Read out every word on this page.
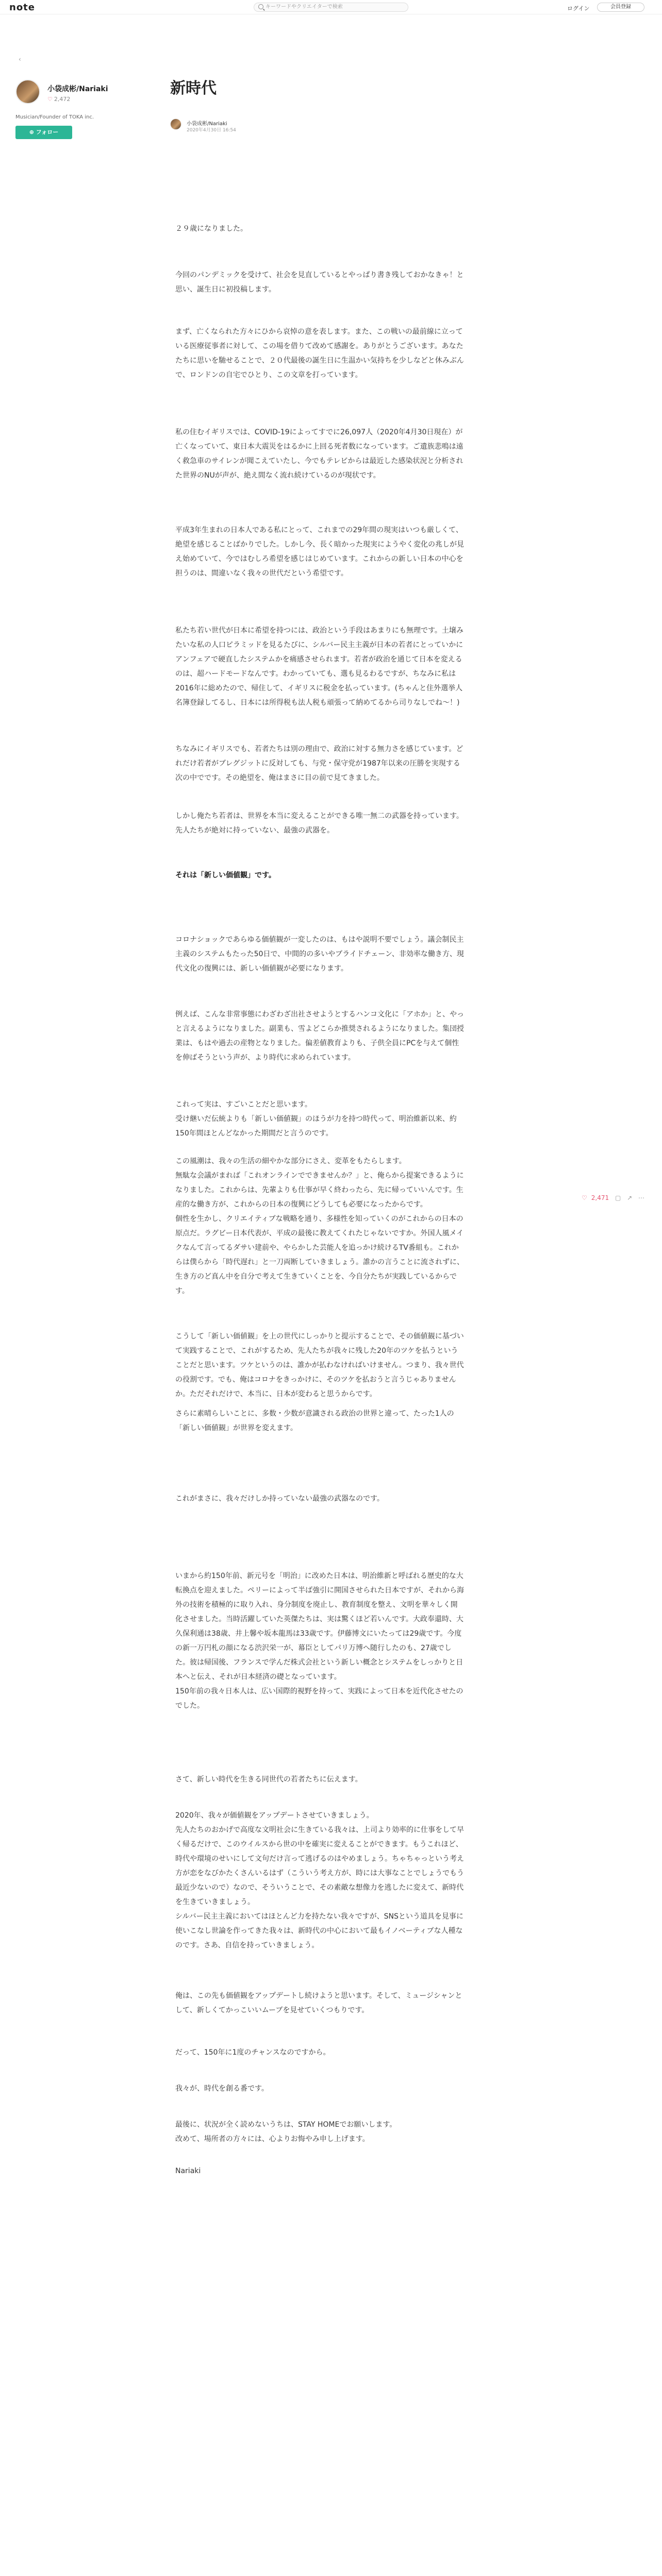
note	キーワードやクリエイターで検索	ログイン	会員登録
‹
小袋成彬/Nariaki
♡ 2,472
Musician/Founder of TOKA inc.
⊕ フォロー
新時代
小袋成彬/Nariaki
2020年4月30日 16:54
２９歳になりました。
今回のパンデミックを受けて、社会を見直しているとやっぱり書き残しておかなきゃ！と思い、誕生日に初投稿します。
まず、亡くなられた方々にひから哀悼の意を表します。また、この戦いの最前線に立っている医療従事者に対して、この場を借りて改めて感謝を。ありがとうございます。あなたたちに思いを馳せることで、２０代最後の誕生日に生温かい気持ちを少しなどと休みぶんで、ロンドンの自宅でひとり、この文章を打っています。
私の住むイギリスでは、COVID-19によってすでに26,097人（2020年4月30日現在）が亡くなっていて、東日本大震災をはるかに上回る死者数になっています。ご遺族悲鳴は遠く救急車のサイレンが聞こえていたし、今でもテレビからは最近した感染状況と分析された世界のNUが声が、絶え間なく流れ続けているのが現状です。
平成3年生まれの日本人である私にとって、これまでの29年間の現実はいつも厳しくて、絶望を感じることばかりでした。しかし今、長く暗かった現実にようやく変化の兆しが見え始めていて、今ではむしろ希望を感じはじめています。これからの新しい日本の中心を担うのは、間違いなく我々の世代だという希望です。
私たち若い世代が日本に希望を持つには、政治という手段はあまりにも無理です。土壌みたいな私の人口ピラミッドを見るたびに、シルバー民主主義が日本の若者にとっていかにアンフェアで硬直したシステムかを痛感させられます。若者が政治を通じて日本を変えるのは、超ハードモードなんです。わかっていても、選も見るわるですが、ちなみに私は2016年に総めたので、帰住して、イギリスに税金を払っています。(ちゃんと住外選挙人名簿登録してるし、日本には所得税も法人税も頑張って納めてるから司りなしでね～！)
ちなみにイギリスでも、若者たちは別の理由で、政治に対する無力さを感じています。どれだけ若者がブレグジットに反対しても、与党・保守党が1987年以来の圧勝を実現する次の中でです。その絶望を、俺はまさに目の前で見てきました。
しかし俺たち若者は、世界を本当に変えることができる唯一無二の武器を持っています。先人たちが絶対に持っていない、最強の武器を。
それは「新しい価値観」です。
コロナショックであらゆる価値観が一変したのは、もはや説明不要でしょう。議会制民主主義のシステムもたった50日で、中間的の多いやブライドチェーン、非効率な働き方、現代文化の復興には、新しい価値観が必要になります。
例えば、こんな非常事態にわざわざ出社させようとするハンコ文化に「アホか」と、やっと言えるようになりました。副業も、雪よどこらか推奨されるようになりました。集団授業は、もはや過去の産物となりました。偏差値教育よりも、子供全員にPCを与えて個性を伸ばそうという声が、より時代に求められています。
これって実は、すごいことだと思います。
受け継いだ伝統よりも「新しい価値観」のほうが力を持つ時代って、明治維新以来、約150年間ほとんどなかった期間だと言うのです。
この風潮は、我々の生活の細やかな部分にさえ、変革をもたらします。
無駄な会議がまれば「これオンラインでできませんか？」と、俺らから提案できるようになりました。これからは、先輩よりも仕事が早く終わったら、先に帰っていいんです。生産的な働き方が、これからの日本の復興にどうしても必要になったからです。
個性を生かし、クリエイティブな戦略を通り、多様性を知っていくのがこれからの日本の原点だ。ラグビー日本代表が、平成の最後に教えてくれたじゃないですか。外国人風メイクなんて言ってるダサい建前や、やらかした芸能人を追っかけ続けるTV番組も。これからは僕らから「時代遅れ」と一刀両断していきましょう。誰かの言うことに流されずに、生き方のど真ん中を自分で考えて生きていくことを、今自分たちが実践しているからです。
こうして「新しい価値観」を上の世代にしっかりと提示することで、その価値観に基づいて実践することで、これがするため、先人たちが我々に残した20年のツケを払うということだと思います。ツケというのは、誰かが払わなければいけません。つまり、我々世代の役割です。でも、俺はコロナをきっかけに、そのツケを払おうと言うじゃありませんか。ただそれだけで、本当に、日本が変わると思うからです。
さらに素晴らしいことに、多数・少数が意識される政治の世界と違って、たった1人の「新しい価値観」が世界を変えます。
これがまさに、我々だけしか持っていない最強の武器なのです。
いまから約150年前、新元号を「明治」に改めた日本は、明治維新と呼ばれる歴史的な大転換点を迎えました。ペリーによって半ば強引に開国させられた日本ですが、それから海外の技術を積極的に取り入れ、身分制度を廃止し、教育制度を整え、文明を華々しく開化させました。当時活躍していた英傑たちは、実は驚くほど若いんです。大政奉還時、大久保利通は38歳、井上馨や坂本龍馬は33歳です。伊藤博文にいたっては29歳です。今度の新一万円札の顔になる渋沢栄一が、幕臣としてパリ万博へ随行したのも、27歳でした。彼は帰国後、フランスで学んだ株式会社という新しい概念とシステムをしっかりと日本へと伝え、それが日本経済の礎となっています。
150年前の我々日本人は、広い国際的視野を持って、実践によって日本を近代化させたのでした。
さて、新しい時代を生きる同世代の若者たちに伝えます。
2020年、我々が価値観をアップデートさせていきましょう。
先人たちのおかげで高度な文明社会に生きている我々は、上司より効率的に仕事をして早く帰るだけで、このウイルスから世の中を確実に変えることができます。もうこれほど、時代や環境のせいにして文句だけ言って逃げるのはやめましょう。ちゃちゃっという考え方が恋をなびかたくさんいるはず（こういう考え方が、時には大事なことでしょうでもう最近少ないので）なので、そういうことで、その素敵な想像力を逃したに変えて、新時代を生きていきましょう。
シルバー民主主義においてはほとんど力を持たない我々ですが、SNSという道具を見事に使いこなし世論を作ってきた我々は、新時代の中心において最もイノベーティブな人種なのです。さあ、自信を持っていきましょう。
俺は、この先も価値観をアップデートし続けようと思います。そして、ミュージシャンとして、新しくてかっこいいムーブを見せていくつもりです。
だって、150年に1度のチャンスなのですから。
我々が、時代を創る番です。
最後に、状況が全く読めないうちは、STAY HOMEでお願いします。
改めて、場所者の方々には、心よりお悔やみ申し上げます。
Nariaki
♡ 2,471 ▢ ↗ ⋯
